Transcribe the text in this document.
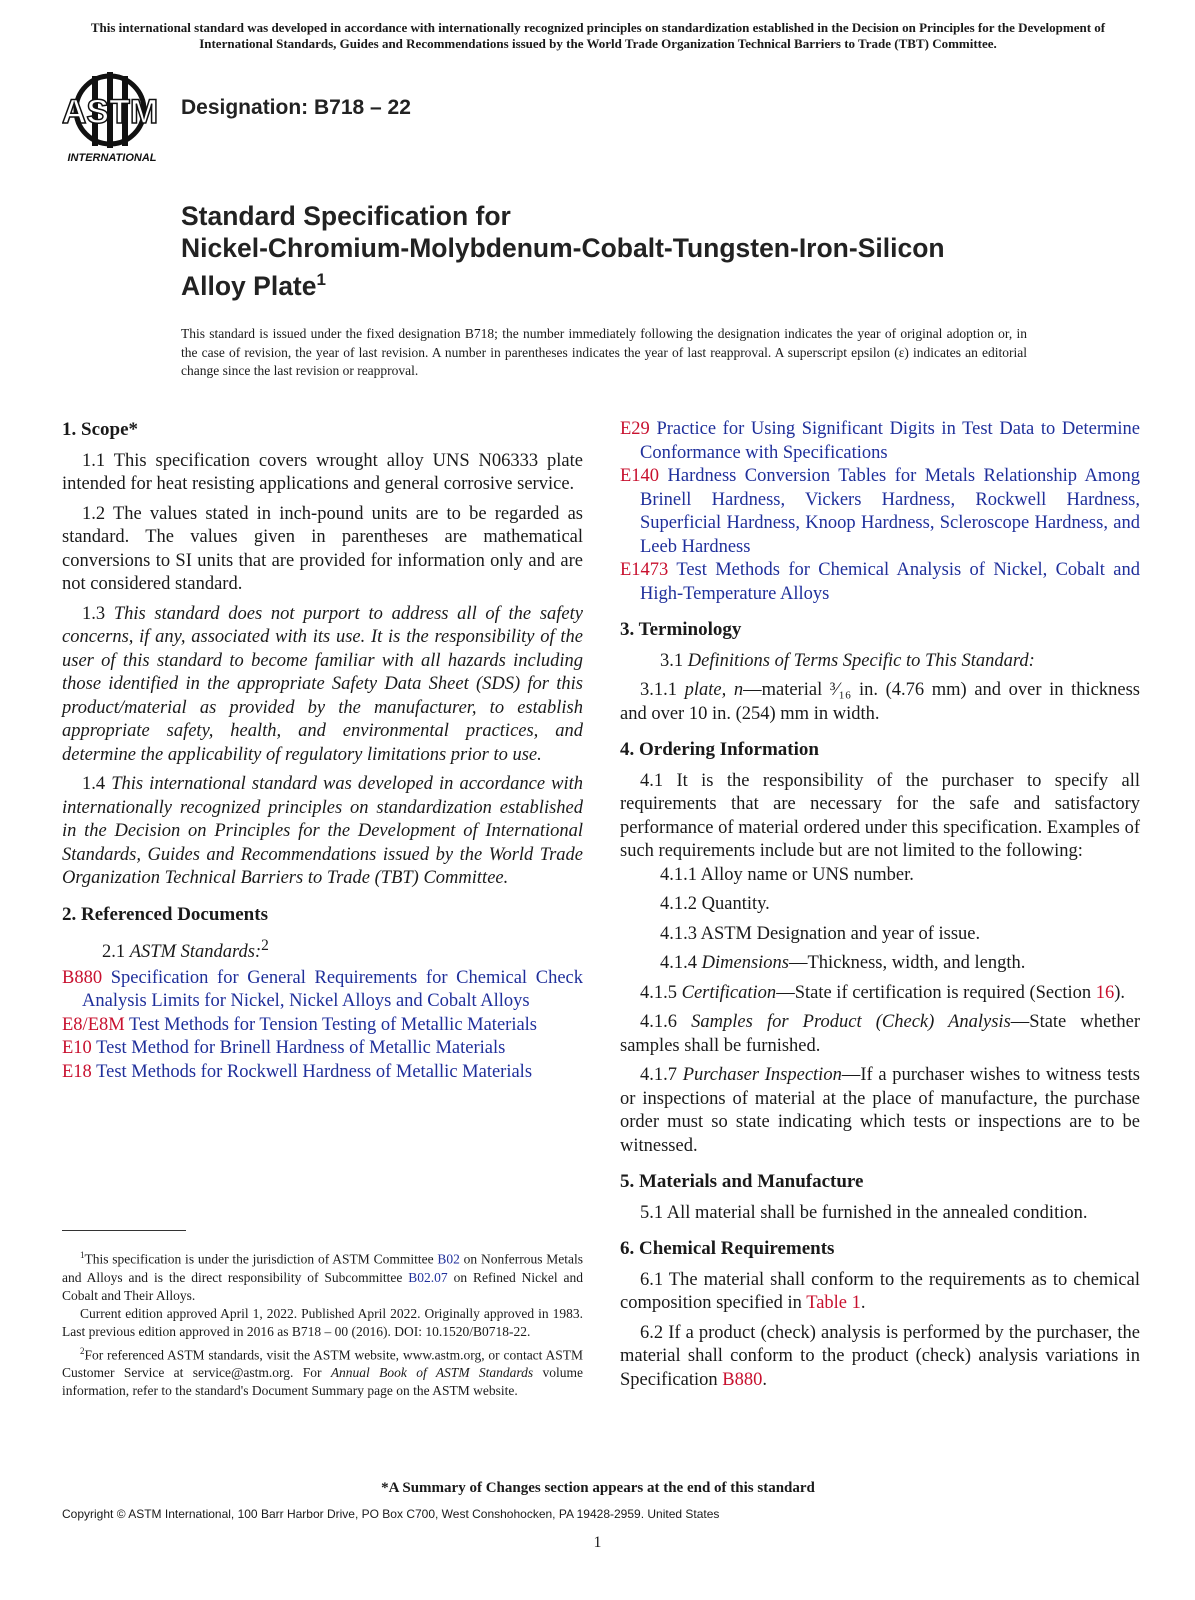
This international standard was developed in accordance with internationally recognized principles on standardization established in the Decision on Principles for the Development of International Standards, Guides and Recommendations issued by the World Trade Organization Technical Barriers to Trade (TBT) Committee.
ASTM
INTERNATIONAL
Designation: B718 – 22
Standard Specification for
Nickel-Chromium-Molybdenum-Cobalt-Tungsten-Iron-Silicon
Alloy Plate$^1$
This standard is issued under the fixed designation B718; the number immediately following the designation indicates the year of original adoption or, in the case of revision, the year of last revision. A number in parentheses indicates the year of last reapproval. A superscript epsilon (ε) indicates an editorial change since the last revision or reapproval.
1. Scope*

1.1 This specification covers wrought alloy UNS N06333 plate intended for heat resisting applications and general corrosive service.

1.2 The values stated in inch-pound units are to be regarded as standard. The values given in parentheses are mathematical conversions to SI units that are provided for information only and are not considered standard.

1.3 This standard does not purport to address all of the safety concerns, if any, associated with its use. It is the responsibility of the user of this standard to become familiar with all hazards including those identified in the appropriate Safety Data Sheet (SDS) for this product/material as provided by the manufacturer, to establish appropriate safety, health, and environmental practices, and determine the applicability of regulatory limitations prior to use.

1.4 This international standard was developed in accordance with internationally recognized principles on standardization established in the Decision on Principles for the Development of International Standards, Guides and Recommendations issued by the World Trade Organization Technical Barriers to Trade (TBT) Committee.

2. Referenced Documents

2.1 ASTM Standards:$^2$

B880 Specification for General Requirements for Chemical Check Analysis Limits for Nickel, Nickel Alloys and Cobalt Alloys
E8/E8M Test Methods for Tension Testing of Metallic Materials
E10 Test Method for Brinell Hardness of Metallic Materials
E18 Test Methods for Rockwell Hardness of Metallic Materials

$^1$This specification is under the jurisdiction of ASTM Committee B02 on Nonferrous Metals and Alloys and is the direct responsibility of Subcommittee B02.07 on Refined Nickel and Cobalt and Their Alloys.

Current edition approved April 1, 2022. Published April 2022. Originally approved in 1983. Last previous edition approved in 2016 as B718 – 00 (2016). DOI: 10.1520/B0718-22.

$^2$For referenced ASTM standards, visit the ASTM website, www.astm.org, or contact ASTM Customer Service at service@astm.org. For Annual Book of ASTM Standards volume information, refer to the standard's Document Summary page on the ASTM website.

E29 Practice for Using Significant Digits in Test Data to Determine Conformance with Specifications
E140 Hardness Conversion Tables for Metals Relationship Among Brinell Hardness, Vickers Hardness, Rockwell Hardness, Superficial Hardness, Knoop Hardness, Scleroscope Hardness, and Leeb Hardness
E1473 Test Methods for Chemical Analysis of Nickel, Cobalt and High-Temperature Alloys
3. Terminology

3.1 Definitions of Terms Specific to This Standard:

3.1.1 plate, n—material ³⁄₁₆ in. (4.76 mm) and over in thickness and over 10 in. (254) mm in width.

4. Ordering Information

4.1 It is the responsibility of the purchaser to specify all requirements that are necessary for the safe and satisfactory performance of material ordered under this specification. Examples of such requirements include but are not limited to the following:

4.1.1 Alloy name or UNS number.

4.1.2 Quantity.

4.1.3 ASTM Designation and year of issue.

4.1.4 Dimensions—Thickness, width, and length.

4.1.5 Certification—State if certification is required (Section 16).

4.1.6 Samples for Product (Check) Analysis—State whether samples shall be furnished.

4.1.7 Purchaser Inspection—If a purchaser wishes to witness tests or inspections of material at the place of manufacture, the purchase order must so state indicating which tests or inspections are to be witnessed.

5. Materials and Manufacture

5.1 All material shall be furnished in the annealed condition.

6. Chemical Requirements

6.1 The material shall conform to the requirements as to chemical composition specified in Table 1.

6.2 If a product (check) analysis is performed by the purchaser, the material shall conform to the product (check) analysis variations in Specification B880.

*A Summary of Changes section appears at the end of this standard
Copyright © ASTM International, 100 Barr Harbor Drive, PO Box C700, West Conshohocken, PA 19428-2959. United States
1
